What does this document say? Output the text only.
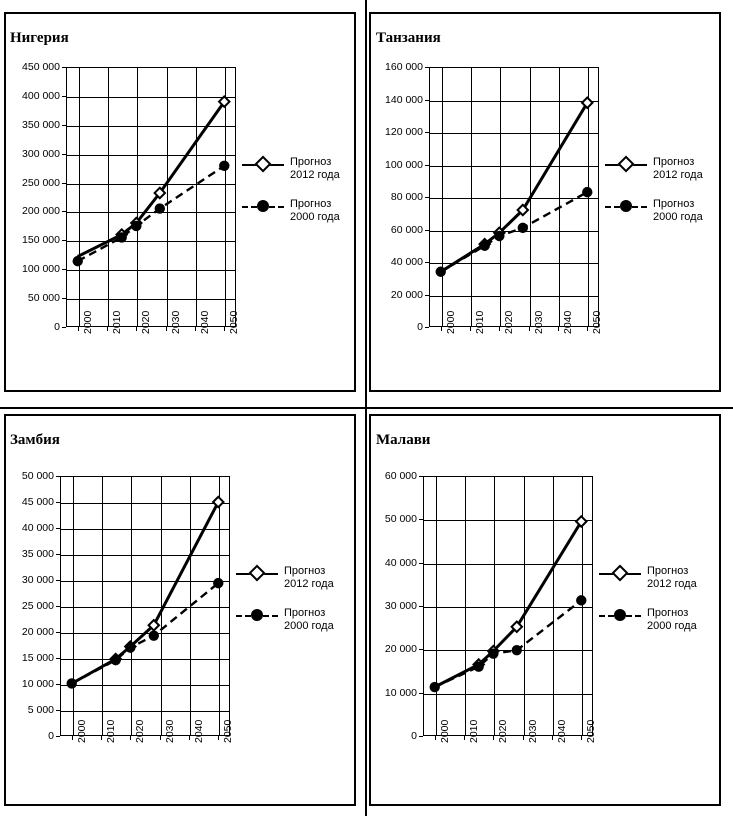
Нигерия
0
50 000
100 000
150 000
200 000
250 000
300 000
350 000
400 000
450 000
2000 2010 2020 2030 2040 2050
Прогноз
2012 года
Прогноз
2000 года
Танзания
0
20 000
40 000
60 000
80 000
100 000
120 000
140 000
160 000
2000 2010 2020 2030 2040 2050
Прогноз
2012 года
Прогноз
2000 года
Замбия
0
5 000
10 000
15 000
20 000
25 000
30 000
35 000
40 000
45 000
50 000
2000 2010 2020 2030 2040 2050
Прогноз
2012 года
Прогноз
2000 года
Малави
0
10 000
20 000
30 000
40 000
50 000
60 000
2000 2010 2020 2030 2040 2050
Прогноз
2012 года
Прогноз
2000 года
